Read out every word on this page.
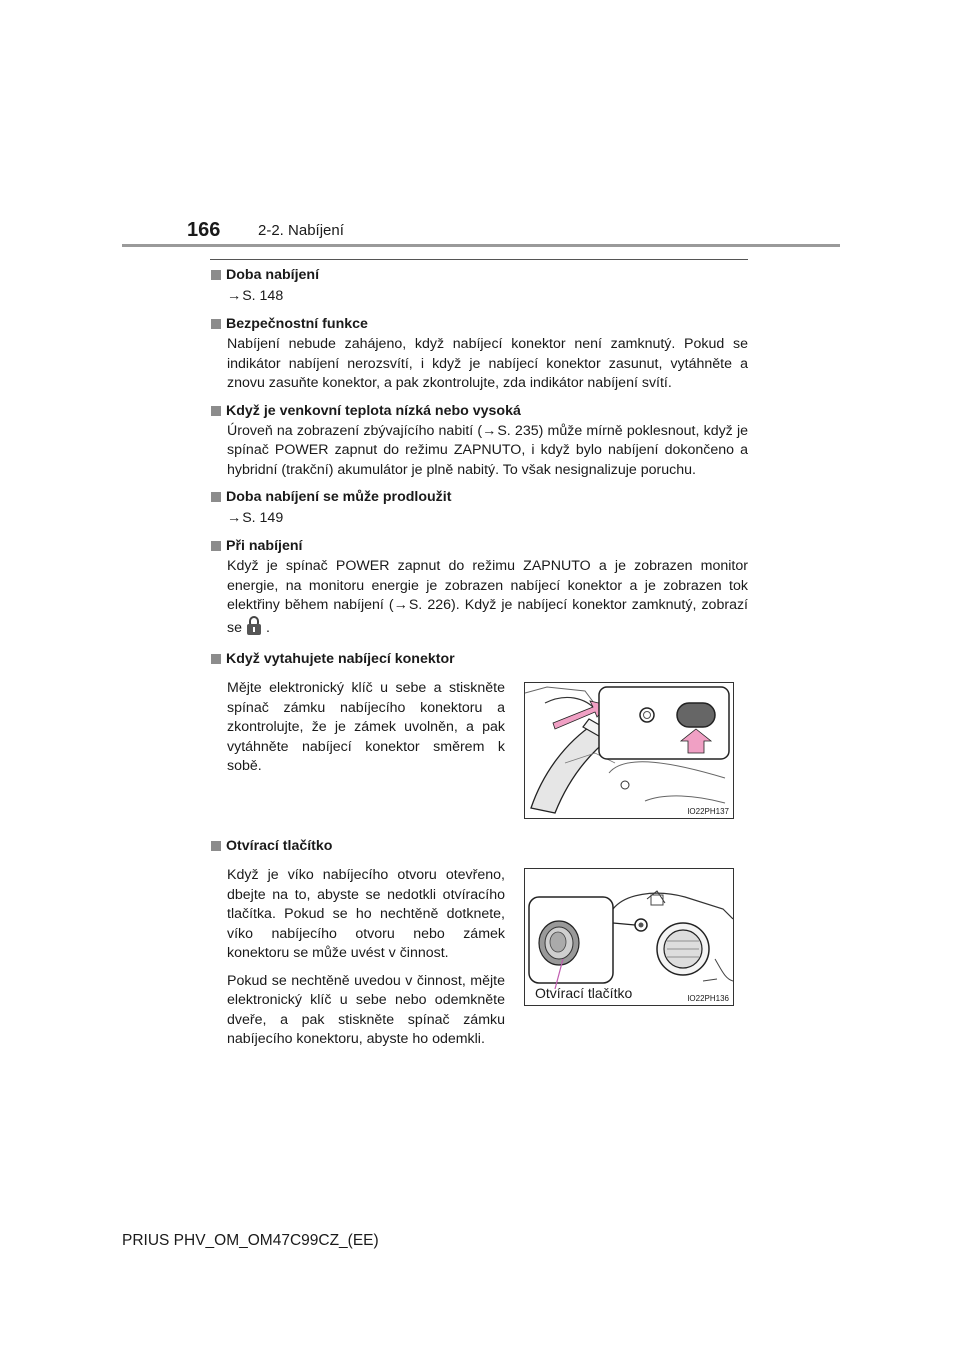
166	2-2. Nabíjení
Doba nabíjení
→S. 148
Bezpečnostní funkce
Nabíjení nebude zahájeno, když nabíjecí konektor není zamknutý. Pokud se indikátor nabíjení nerozsvítí, i když je nabíjecí konektor zasunut, vytáhněte a znovu zasuňte konektor, a pak zkontrolujte, zda indikátor nabíjení svítí.
Když je venkovní teplota nízká nebo vysoká
Úroveň na zobrazení zbývajícího nabití (→S. 235) může mírně poklesnout, když je spínač POWER zapnut do režimu ZAPNUTO, i když bylo nabíjení dokončeno a hybridní (trakční) akumulátor je plně nabitý. To však nesignalizuje poruchu.
Doba nabíjení se může prodloužit
→S. 149
Při nabíjení
Když je spínač POWER zapnut do režimu ZAPNUTO a je zobrazen monitor energie, na monitoru energie je zobrazen nabíjecí konektor a je zobrazen tok elektřiny během nabíjení (→S. 226). Když je nabíjecí konektor zamknutý, zobrazí se .
Když vytahujete nabíjecí konektor

Mějte elektronický klíč u sebe a stiskněte spínač zámku nabíjecího konektoru a zkontrolujte, že je zámek uvolněn, a pak vytáhněte nabíjecí konektor směrem k sobě.

IO22PH137
Otvírací tlačítko

Když je víko nabíjecího otvoru otevřeno, dbejte na to, abyste se nedotkli otvíracího tlačítka. Pokud se ho nechtěně dotknete, víko nabíjecího otvoru nebo zámek konektoru se může uvést v činnost.

Pokud se nechtěně uvedou v činnost, mějte elektronický klíč u sebe nebo odemkněte dveře, a pak stiskněte spínač zámku nabíjecího konektoru, abyste ho odemkli.

Otvírací tlačítko	IO22PH136
PRIUS PHV_OM_OM47C99CZ_(EE)
